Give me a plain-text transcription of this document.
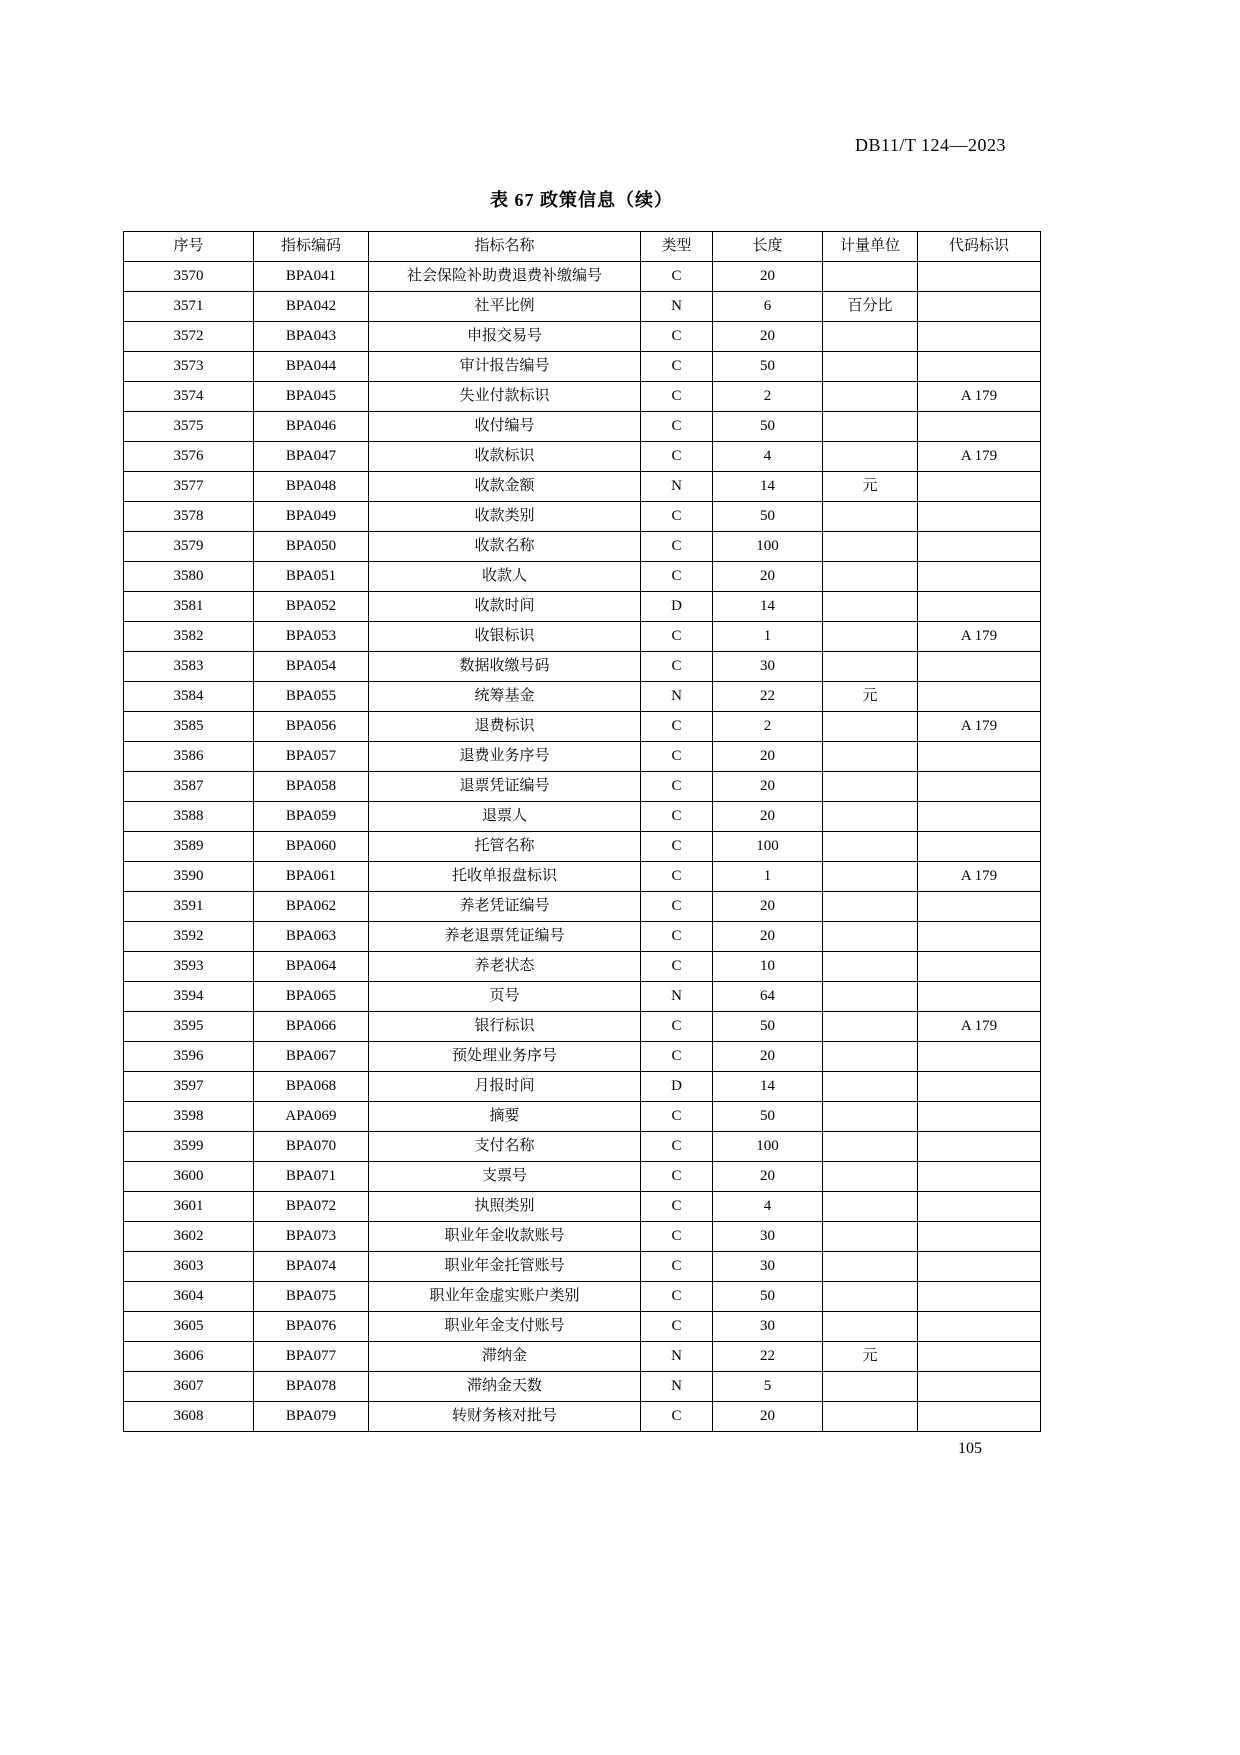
DB11/T 124—2023
表 67 政策信息（续）
序号	指标编码	指标名称	类型	长度	计量单位	代码标识
3570	BPA041	社会保险补助费退费补缴编号	C	20		
3571	BPA042	社平比例	N	6	百分比	
3572	BPA043	申报交易号	C	20		
3573	BPA044	审计报告编号	C	50		
3574	BPA045	失业付款标识	C	2		A 179
3575	BPA046	收付编号	C	50		
3576	BPA047	收款标识	C	4		A 179
3577	BPA048	收款金额	N	14	元	
3578	BPA049	收款类别	C	50		
3579	BPA050	收款名称	C	100		
3580	BPA051	收款人	C	20		
3581	BPA052	收款时间	D	14		
3582	BPA053	收银标识	C	1		A 179
3583	BPA054	数据收缴号码	C	30		
3584	BPA055	统筹基金	N	22	元	
3585	BPA056	退费标识	C	2		A 179
3586	BPA057	退费业务序号	C	20		
3587	BPA058	退票凭证编号	C	20		
3588	BPA059	退票人	C	20		
3589	BPA060	托管名称	C	100		
3590	BPA061	托收单报盘标识	C	1		A 179
3591	BPA062	养老凭证编号	C	20		
3592	BPA063	养老退票凭证编号	C	20		
3593	BPA064	养老状态	C	10		
3594	BPA065	页号	N	64		
3595	BPA066	银行标识	C	50		A 179
3596	BPA067	预处理业务序号	C	20		
3597	BPA068	月报时间	D	14		
3598	APA069	摘要	C	50		
3599	BPA070	支付名称	C	100		
3600	BPA071	支票号	C	20		
3601	BPA072	执照类别	C	4		
3602	BPA073	职业年金收款账号	C	30		
3603	BPA074	职业年金托管账号	C	30		
3604	BPA075	职业年金虚实账户类别	C	50		
3605	BPA076	职业年金支付账号	C	30		
3606	BPA077	滞纳金	N	22	元	
3607	BPA078	滞纳金天数	N	5		
3608	BPA079	转财务核对批号	C	20		
105
